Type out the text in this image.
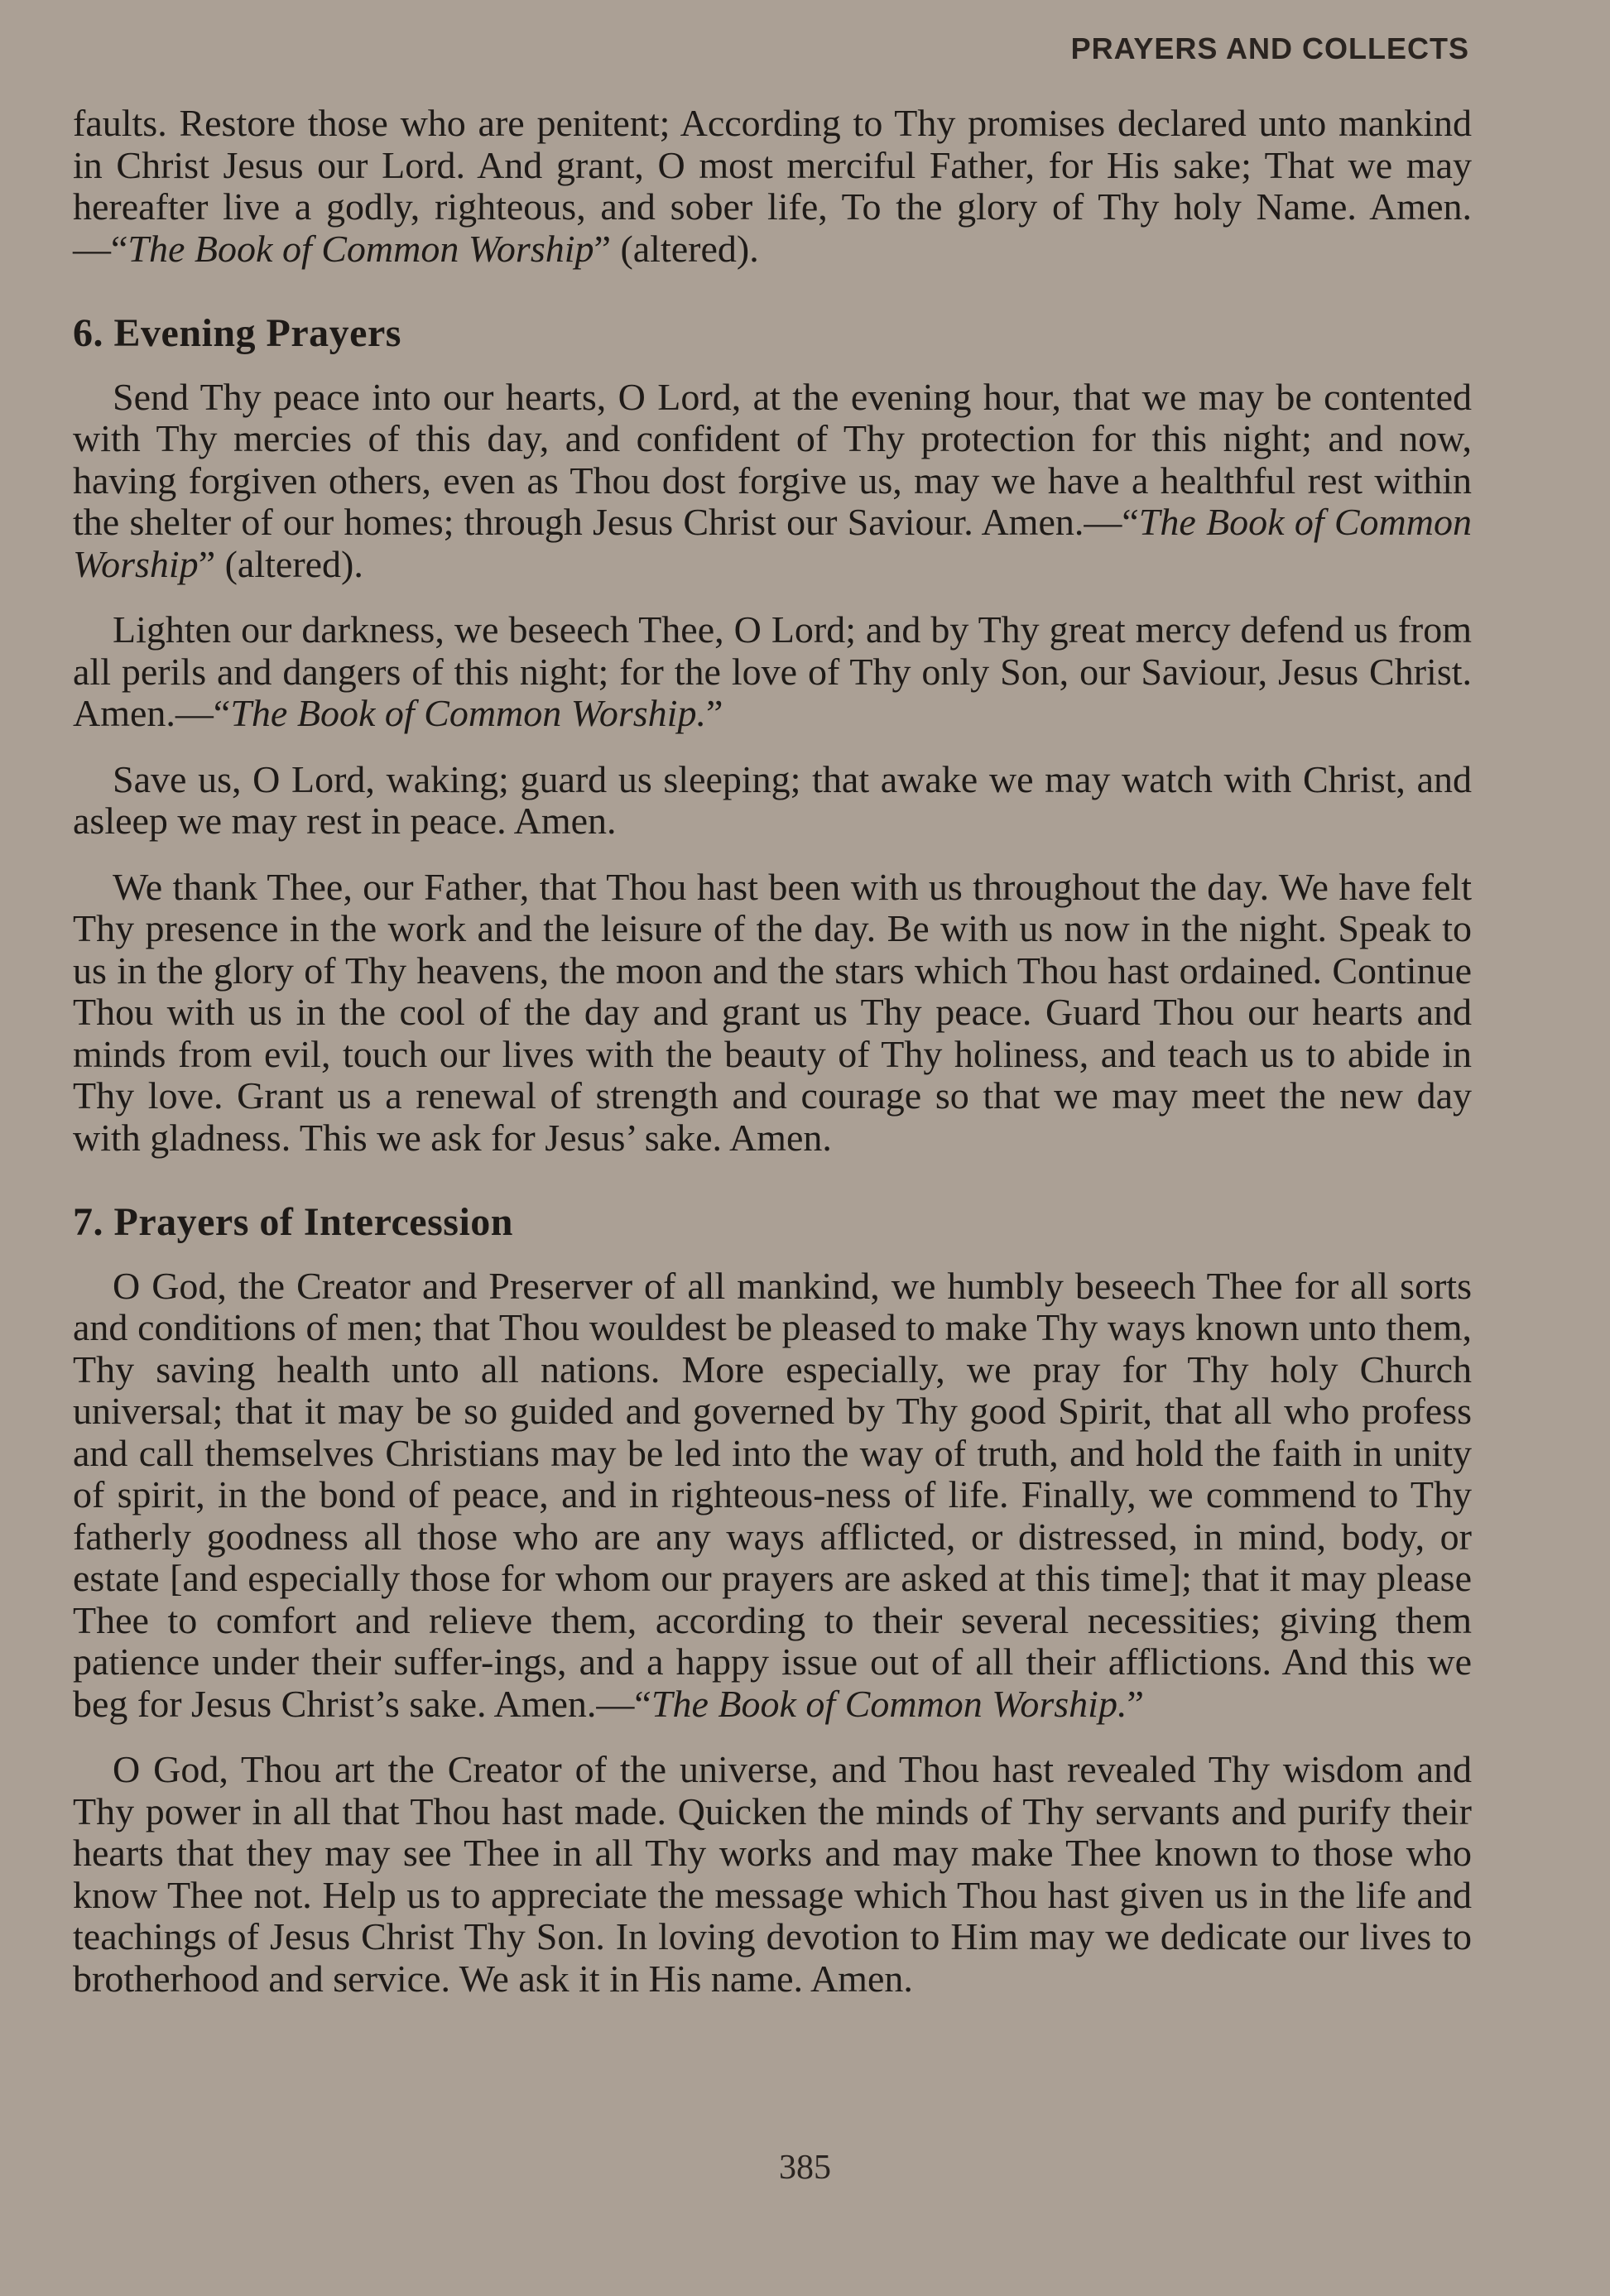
PRAYERS AND COLLECTS

faults. Restore those who are penitent; According to Thy promises declared unto mankind in Christ Jesus our Lord. And grant, O most merciful Father, for His sake; That we may hereafter live a godly, righteous, and sober life, To the glory of Thy holy Name. Amen.—“The Book of Common Worship” (altered).

6. Evening Prayers

Send Thy peace into our hearts, O Lord, at the evening hour, that we may be contented with Thy mercies of this day, and confident of Thy protection for this night; and now, having forgiven others, even as Thou dost forgive us, may we have a healthful rest within the shelter of our homes; through Jesus Christ our Saviour. Amen.—“The Book of Common Worship” (altered).

Lighten our darkness, we beseech Thee, O Lord; and by Thy great mercy defend us from all perils and dangers of this night; for the love of Thy only Son, our Saviour, Jesus Christ. Amen.—“The Book of Common Worship.”

Save us, O Lord, waking; guard us sleeping; that awake we may watch with Christ, and asleep we may rest in peace. Amen.

We thank Thee, our Father, that Thou hast been with us throughout the day. We have felt Thy presence in the work and the leisure of the day. Be with us now in the night. Speak to us in the glory of Thy heavens, the moon and the stars which Thou hast ordained. Continue Thou with us in the cool of the day and grant us Thy peace. Guard Thou our hearts and minds from evil, touch our lives with the beauty of Thy holiness, and teach us to abide in Thy love. Grant us a renewal of strength and courage so that we may meet the new day with gladness. This we ask for Jesus’ sake. Amen.

7. Prayers of Intercession

O God, the Creator and Preserver of all mankind, we humbly beseech Thee for all sorts and conditions of men; that Thou wouldest be pleased to make Thy ways known unto them, Thy saving health unto all nations. More especially, we pray for Thy holy Church universal; that it may be so guided and governed by Thy good Spirit, that all who profess and call themselves Christians may be led into the way of truth, and hold the faith in unity of spirit, in the bond of peace, and in righteous-ness of life. Finally, we commend to Thy fatherly goodness all those who are any ways afflicted, or distressed, in mind, body, or estate [and especially those for whom our prayers are asked at this time]; that it may please Thee to comfort and relieve them, according to their several necessities; giving them patience under their suffer-ings, and a happy issue out of all their afflictions. And this we beg for Jesus Christ’s sake. Amen.—“The Book of Common Worship.”

O God, Thou art the Creator of the universe, and Thou hast revealed Thy wisdom and Thy power in all that Thou hast made. Quicken the minds of Thy servants and purify their hearts that they may see Thee in all Thy works and may make Thee known to those who know Thee not. Help us to appreciate the message which Thou hast given us in the life and teachings of Jesus Christ Thy Son. In loving devotion to Him may we dedicate our lives to brotherhood and service. We ask it in His name. Amen.

385
